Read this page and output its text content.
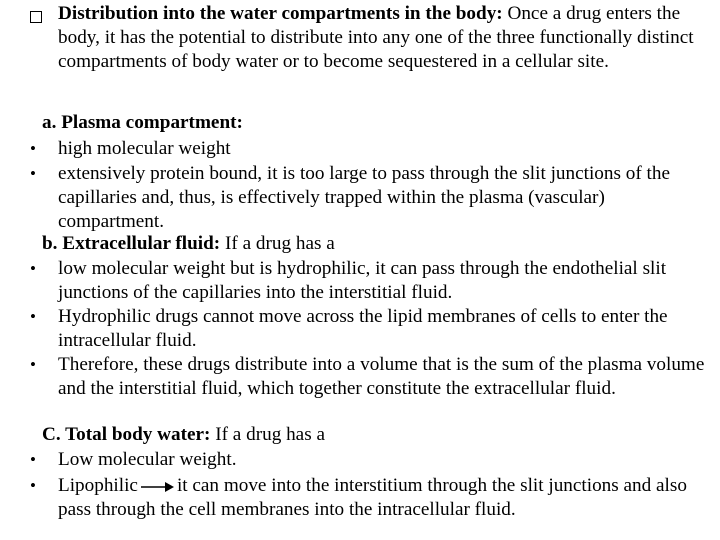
Distribution into the water compartments in the body: Once a drug enters the body, it has the potential to distribute into any one of the three functionally distinct compartments of body water or to become sequestered in a cellular site.
a. Plasma compartment:
• high molecular weight
• extensively protein bound, it is too large to pass through the slit junctions of the capillaries and, thus, is effectively trapped within the plasma (vascular) compartment.
b. Extracellular fluid: If a drug has a
• low molecular weight but is hydrophilic, it can pass through the endothelial slit junctions of the capillaries into the interstitial fluid.
• Hydrophilic drugs cannot move across the lipid membranes of cells to enter the intracellular fluid.
• Therefore, these drugs distribute into a volume that is the sum of the plasma volume and the interstitial fluid, which together constitute the extracellular fluid.
C. Total body water: If a drug has a
• Low molecular weight.
• Lipophilic it can move into the interstitium through the slit junctions and also pass through the cell membranes into the intracellular fluid.
